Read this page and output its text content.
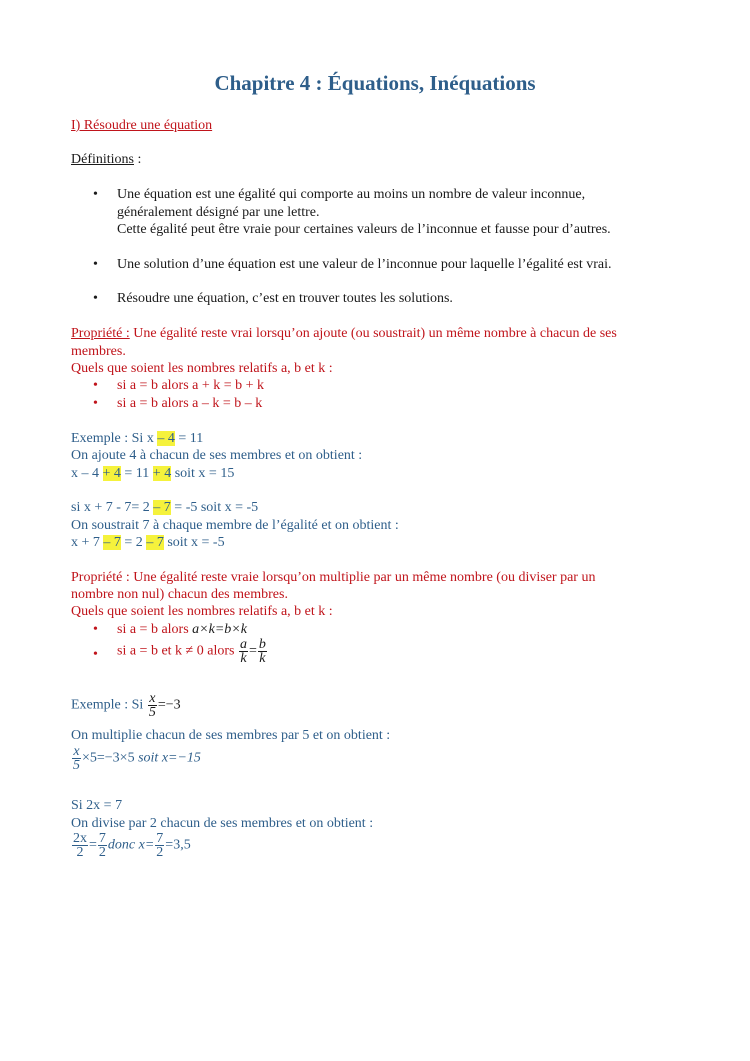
Chapitre 4 : Équations, Inéquations
I) Résoudre une équation
Définitions :
• Une équation est une égalité qui comporte au moins un nombre de valeur inconnue,
généralement désigné par une lettre.
Cette égalité peut être vraie pour certaines valeurs de l’inconnue et fausse pour d’autres.
• Une solution d’une équation est une valeur de l’inconnue pour laquelle l’égalité est vrai.
• Résoudre une équation, c’est en trouver toutes les solutions.
Propriété : Une égalité reste vrai lorsqu’on ajoute (ou soustrait) un même nombre à chacun de ses
membres.
Quels que soient les nombres relatifs a, b et k :
• si a = b alors a + k = b + k
• si a = b alors a – k = b – k
Exemple : Si x – 4 = 11
On ajoute 4 à chacun de ses membres et on obtient :
x – 4 + 4 = 11 + 4 soit x = 15
si x + 7 - 7= 2 – 7 = -5 soit x = -5
On soustrait 7 à chaque membre de l’égalité et on obtient :
x + 7 – 7 = 2 – 7 soit x = -5
Propriété : Une égalité reste vraie lorsqu’on multiplie par un même nombre (ou diviser par un
nombre non nul) chacun des membres.
Quels que soient les nombres relatifs a, b et k :
• si a = b alors a×k=b×k
• si a = b et k ≠ 0 alors $\frac{a}{k} = \frac{b}{k}$
Exemple : Si $\frac{x}{5} =-3$
On multiplie chacun de ses membres par 5 et on obtient :
$\frac{x}{5} \times 5=-3\times 5$ soit x=−15
Si 2x = 7
On divise par 2 chacun de ses membres et on obtient :
$\frac{2x}{2} = \frac{7}{2}$ donc $x= \frac{7}{2} =3,5$
